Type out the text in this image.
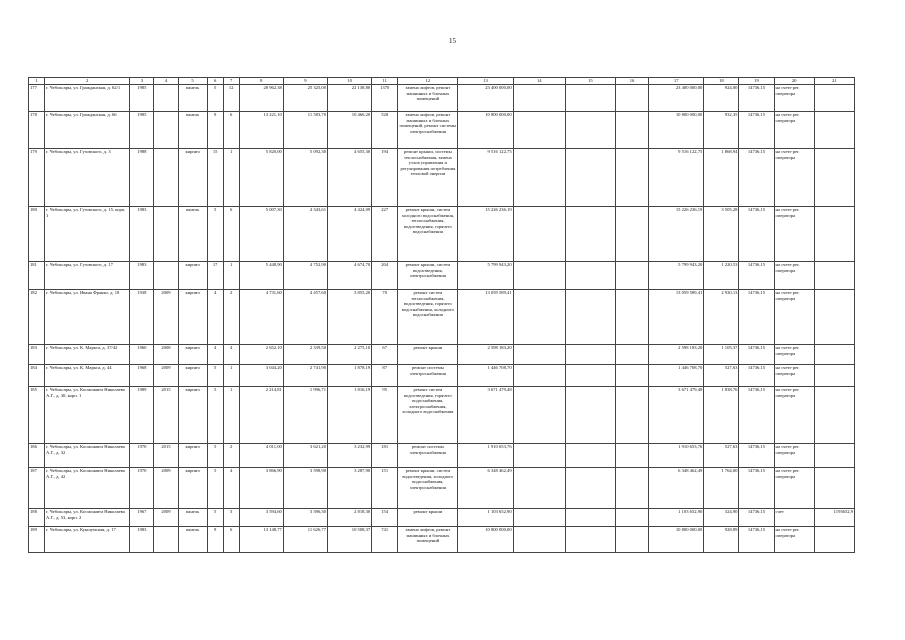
15
1	2	3	4	5	6	7	8	9	10	11	12	13	14	15	16	17	18	19	20	21
177	г. Чебоксары, ул. Гражданская, д. 62/1	1985		панель	5	12	28 962,38	25 325,00	22 138,80	1370	замена лифтов, ремонт машинных и блочных помещений	23 400 000,00				23 400 000,00	924,00	14736,15	на счете рег. оператора	
178	г. Чебоксары, ул. Гражданская, д. 66	1985		панель	9	6	13 221,10	11 583,70	10 466,20	528	замена лифтов, ремонт машинных и блочных помещений, ремонт системы электроснабжения	10 800 000,00				10 800 000,00	932,35	14736,15	на счете рег. оператора	
179	г. Чебоксары, ул. Гузовского, д. 3	1988		кирпич	15	1	5 820,00	5 092,30	4 655,30	194	ремонт крыши, системы теплоснабжения, замена узлов управления и регулирования потребления тепловой энергии	9 516 122,75				9 516 122,75	1 868,94	14736,15	на счете рег. оператора	
180	г. Чебоксары, ул. Гузовского, д. 15, корп. 1	1983		панель	5	6	5 007,30	4 343,61	4 424,09	227	ремонт крыши, систем холодного водоснабжения, теплоснабжения, водоотведения, горячего водоснабжения	15 226 236,19				15 226 236,19	3 505,28	14736,15	на счете рег. оператора	
181	г. Чебоксары, ул. Гузовского, д. 17	1983		кирпич	17	1	5 448,90	4 752,90	4 674,70	204	ремонт крыши, систем водоотведения, электроснабжения	5 799 943,20				5 799 943,20	1 220,53	14736,15	на счете рег. оператора	
182	г. Чебоксары, ул. Ивана Франко, д. 18	1938	2009	кирпич	4	2	4 731,60	4 457,60	3 855,20	70	ремонт систем теплоснабжения, водоотведения, горячего водоснабжения, холодного водоснабжения	13 059 589,41				13 059 589,41	2 930,13	14736,15	на счете рег. оператора	
183	г. Чебоксары, ул. К. Маркса, д. 37/42	1960	2008	кирпич	4	4	2 652,10	2 339,50	2 275,10	67	ремонт крыши	2 598 183,20				2 598 183,20	1 105,37	14736,15	на счете рег. оператора	
184	г. Чебоксары, ул. К. Маркса, д. 44	1968	2009	кирпич	5	1	3 044,20	2 741,90	1 878,19	87	ремонт системы электроснабжения	1 446 708,70				1 446 708,70	527,63	14736,15	на счете рег. оператора	
185	г. Чебоксары, ул. Космонавта Николаева А.Г., д. 30, корп. 1	1989	2015	кирпич	5	1	2 214,81	1 996,71	1 816,19	95	ремонт систем водоотведения, горячего водоснабжения, электроснабжения, холодного водоснабжения	3 671 479,48				3 671 479,48	1 838,76	14736,15	на счете рег. оператора	
186	г. Чебоксары, ул. Космонавта Николаева А.Г., д. 32	1970	2015	кирпич	5	2	4 011,00	3 621,20	3 232,99	181	ремонт системы электроснабжения	1 910 653,76				1 910 653,76	527,63	14736,15	на счете рег. оператора	
187	г. Чебоксары, ул. Космонавта Николаева А.Г., д. 42	1970	2009	кирпич	5	4	3 866,90	3 598,90	3 287,90	151	ремонт крыши, систем водоотведения, холодного водоснабжения, электроснабжения	6 348 462,49				6 348 462,49	1 764,00	14736,15	на счете рег. оператора	
188	г. Чебоксары, ул. Космонавта Николаева А.Г., д. 53, корп. 2	1967	2009	панель	5	3	3 594,60	3 396,30	2 818,30	154	ремонт крыши	1 103 652,90				1 103 652,90	324,90	14736,15	счет	1193652,9
189	г. Чебоксары, ул. Кукшумская, д. 17	1983		панель	9	6	13 148,77	11 626,77	10 508,37	741	замена лифтов, ремонт машинных и блочных помещений	10 800 000,00				10 800 000,00	928,89	14736,15	на счете рег. оператора	
